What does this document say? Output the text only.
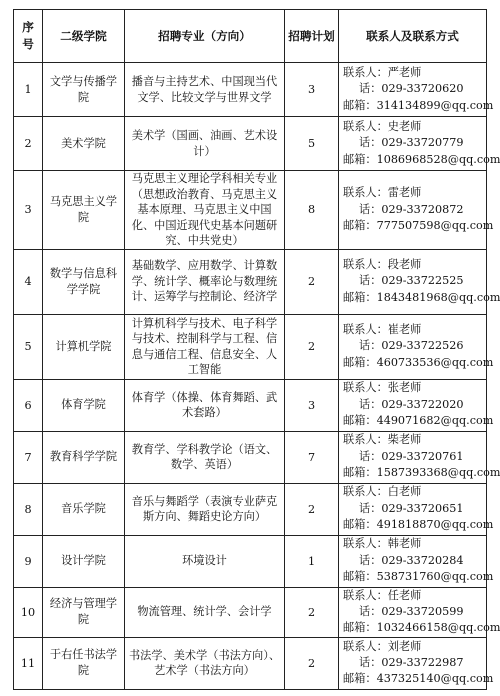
序
号	二级学院	招聘专业（方向）	招聘计划	联系人及联系方式
1	文学与传播学院	播音与主持艺术、中国现当代文学、比较文学与世界文学	3	联系人：严老师
话：029-33720620
邮箱：314134899@qq.com

2	美术学院	美术学（国画、油画、艺术设计）	5	联系人：史老师
话：029-33720779
邮箱：1086968528@qq.com

3	马克思主义学院	马克思主义理论学科相关专业（思想政治教育、马克思主义基本原理、马克思主义中国化、中国近现代史基本问题研究、中共党史）	8	联系人：雷老师
话：029-33720872
邮箱：777507598@qq.com

4	数学与信息科学学院	基础数学、应用数学、计算数学、统计学、概率论与数理统计、运筹学与控制论、经济学	2	联系人：段老师
话：029-33722525
邮箱：1843481968@qq.com

5	计算机学院	计算机科学与技术、电子科学与技术、控制科学与工程、信息与通信工程、信息安全、人工智能	2	联系人：崔老师
话：029-33722526
邮箱：460733536@qq.com

6	体育学院	体育学（体操、体育舞蹈、武术套路）	3	联系人：张老师
话：029-33722020
邮箱：449071682@qq.com

7	教育科学学院	教育学、学科教学论（语文、数学、英语）	7	联系人：柴老师
话：029-33720761
邮箱：1587393368@qq.com

8	音乐学院	音乐与舞蹈学（表演专业萨克斯方向、舞蹈史论方向）	2	联系人：白老师
话：029-33720651
邮箱：491818870@qq.com

9	设计学院	环境设计	1	联系人：韩老师
话：029-33720284
邮箱：538731760@qq.com

10	经济与管理学院	物流管理、统计学、会计学	2	联系人：任老师
话：029-33720599
邮箱：1032466158@qq.com

11	于右任书法学院	书法学、美术学（书法方向）、艺术学（书法方向）	2	联系人：刘老师
话：029-33722987
邮箱：437325140@qq.com
